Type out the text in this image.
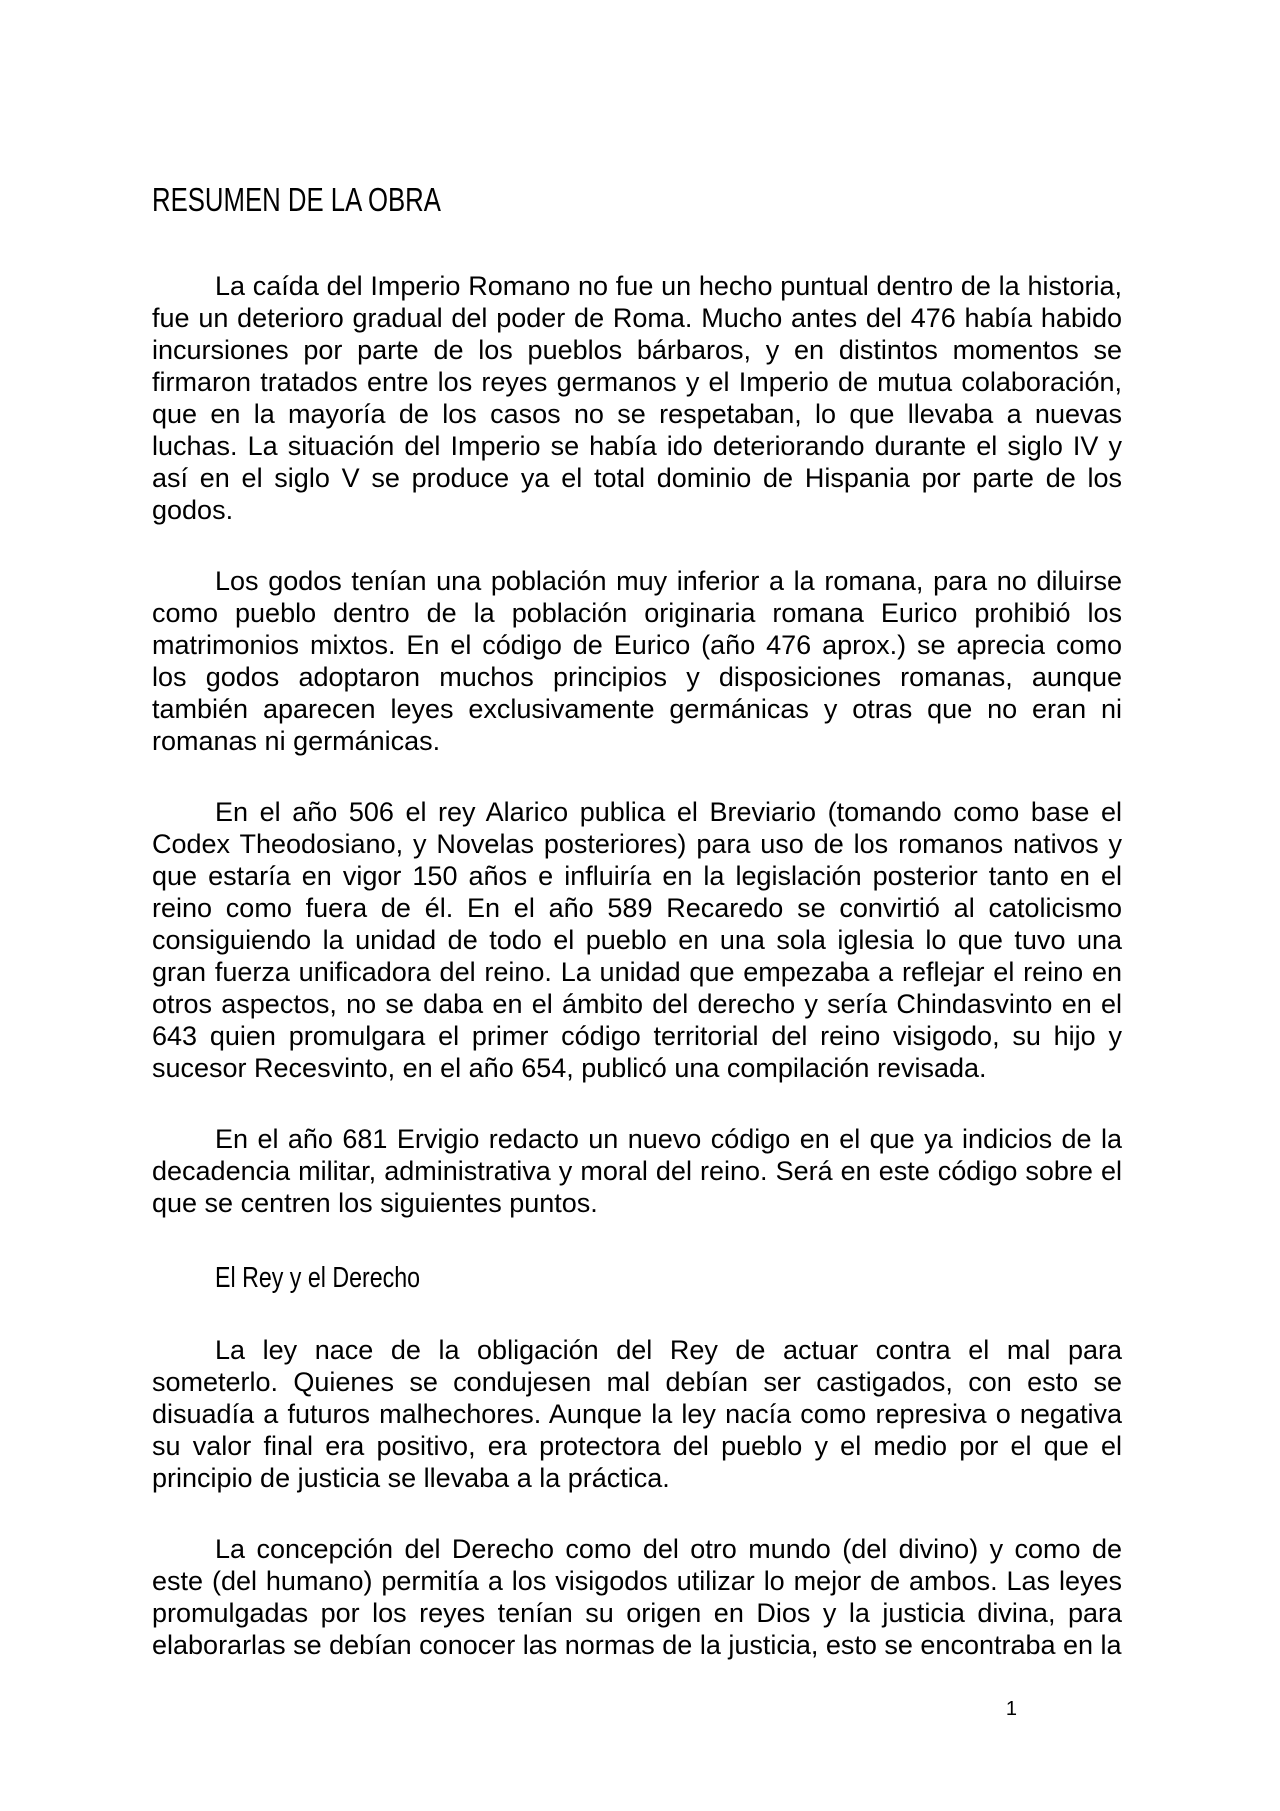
RESUMEN DE LA OBRA

La caída del Imperio Romano no fue un hecho puntual dentro de la historia, fue un deterioro gradual del poder de Roma. Mucho antes del 476 había habido incursiones por parte de los pueblos bárbaros, y en distintos momentos se firmaron tratados entre los reyes germanos y el Imperio de mutua colaboración, que en la mayoría de los casos no se respetaban, lo que llevaba a nuevas luchas. La situación del Imperio se había ido deteriorando durante el siglo IV y así en el siglo V se produce ya el total dominio de Hispania por parte de los godos.

Los godos tenían una población muy inferior a la romana, para no diluirse como pueblo dentro de la población originaria romana Eurico prohibió los matrimonios mixtos. En el código de Eurico (año 476 aprox.) se aprecia como los godos adoptaron muchos principios y disposiciones romanas, aunque también aparecen leyes exclusivamente germánicas y otras que no eran ni romanas ni germánicas.

En el año 506 el rey Alarico publica el Breviario (tomando como base el Codex Theodosiano, y Novelas posteriores) para uso de los romanos nativos y que estaría en vigor 150 años e influiría en la legislación posterior tanto en el reino como fuera de él. En el año 589 Recaredo se convirtió al catolicismo consiguiendo la unidad de todo el pueblo en una sola iglesia lo que tuvo una gran fuerza unificadora del reino. La unidad que empezaba a reflejar el reino en otros aspectos, no se daba en el ámbito del derecho y sería Chindasvinto en el 643 quien promulgara el primer código territorial del reino visigodo, su hijo y sucesor Recesvinto, en el año 654, publicó una compilación revisada.

En el año 681 Ervigio redacto un nuevo código en el que ya indicios de la decadencia militar, administrativa y moral del reino. Será en este código sobre el que se centren los siguientes puntos.

El Rey y el Derecho

La ley nace de la obligación del Rey de actuar contra el mal para someterlo. Quienes se condujesen mal debían ser castigados, con esto se disuadía a futuros malhechores. Aunque la ley nacía como represiva o negativa su valor final era positivo, era protectora del pueblo y el medio por el que el principio de justicia se llevaba a la práctica.

La concepción del Derecho como del otro mundo (del divino) y como de este (del humano) permitía a los visigodos utilizar lo mejor de ambos. Las leyes promulgadas por los reyes tenían su origen en Dios y la justicia divina, para elaborarlas se debían conocer las normas de la justicia, esto se encontraba en la

1
